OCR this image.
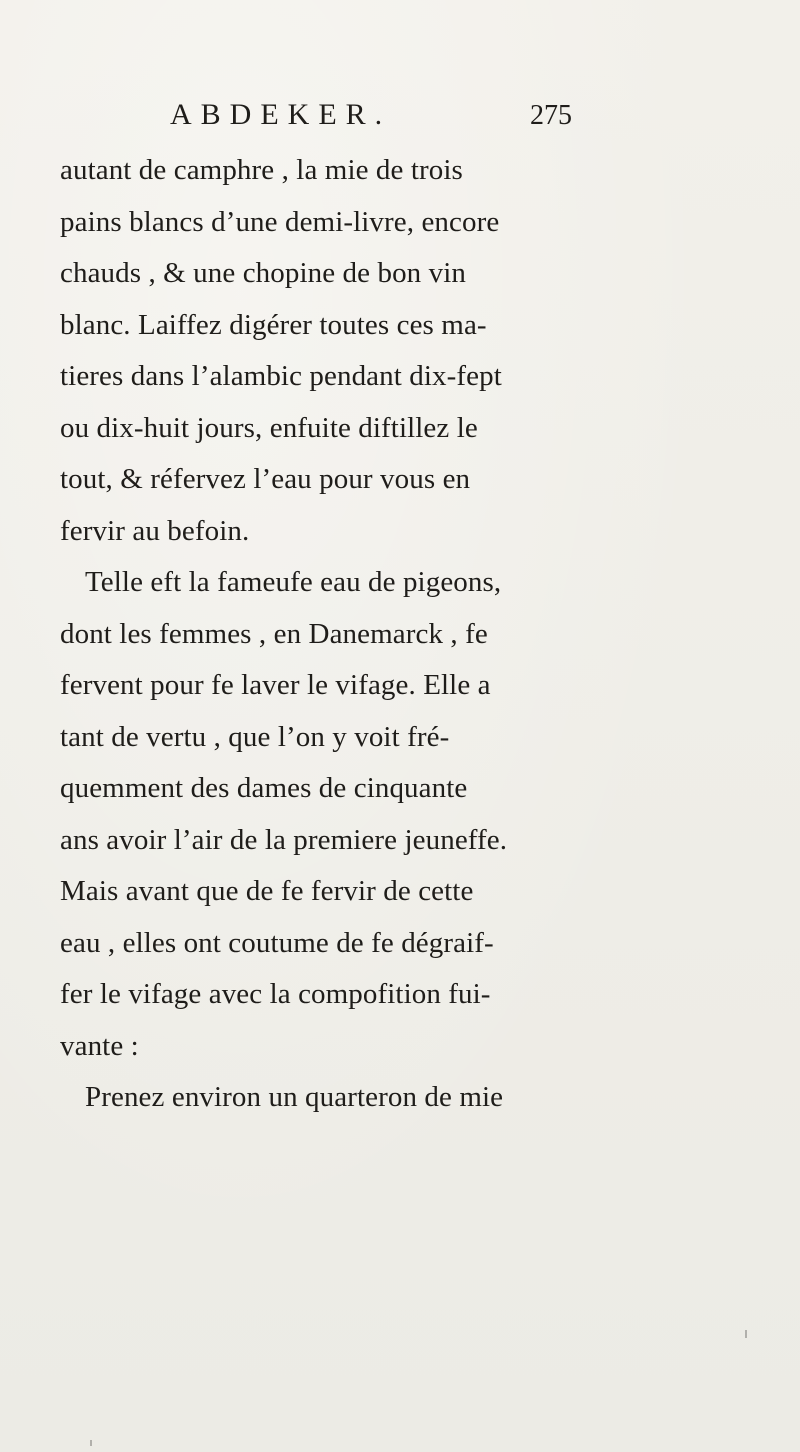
ABDEKER.	275
autant de camphre , la mie de trois
pains blancs d’une demi-livre, encore
chauds , & une chopine de bon vin
blanc. Laiffez digérer toutes ces ma-
tieres dans l’alambic pendant dix-fept
ou dix-huit jours, enfuite diftillez le
tout, & réfervez l’eau pour vous en
fervir au befoin.
Telle eft la fameufe eau de pigeons,
dont les femmes , en Danemarck , fe
fervent pour fe laver le vifage. Elle a
tant de vertu , que l’on y voit fré-
quemment des dames de cinquante
ans avoir l’air de la premiere jeuneffe.
Mais avant que de fe fervir de cette
eau , elles ont coutume de fe dégraif-
fer le vifage avec la compofition fui-
vante :
Prenez environ un quarteron de mie
